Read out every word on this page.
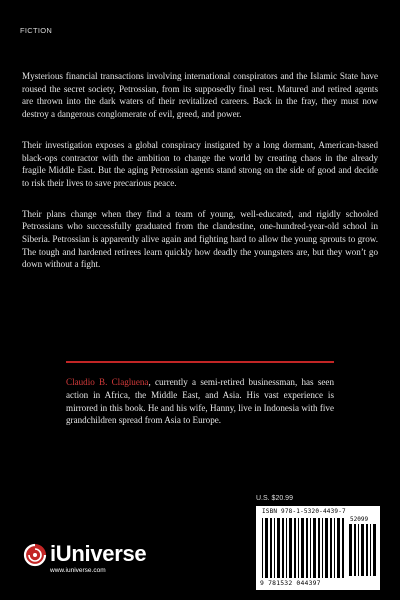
FICTION

Mysterious financial transactions involving international conspirators and the Islamic State have roused the secret society, Petrossian, from its supposedly final rest. Matured and retired agents are thrown into the dark waters of their revitalized careers. Back in the fray, they must now destroy a dangerous conglomerate of evil, greed, and power.

Their investigation exposes a global conspiracy instigated by a long dormant, American-based black-ops contractor with the ambition to change the world by creating chaos in the already fragile Middle East. But the aging Petrossian agents stand strong on the side of good and decide to risk their lives to save precarious peace.

Their plans change when they find a team of young, well-educated, and rigidly schooled Petrossians who successfully graduated from the clandestine, one-hundred-year-old school in Siberia. Petrossian is apparently alive again and fighting hard to allow the young sprouts to grow. The tough and hardened retirees learn quickly how deadly the youngsters are, but they won’t go down without a fight.

Claudio B. Clagluena, currently a semi-retired businessman, has seen action in Africa, the Middle East, and Asia. His vast experience is mirrored in this book. He and his wife, Hanny, live in Indonesia with five grandchildren spread from Asia to Europe.

iUniverse
www.iuniverse.com
U.S. $20.99
ISBN 978-1-5320-4439-7
52099
9 781532 044397
